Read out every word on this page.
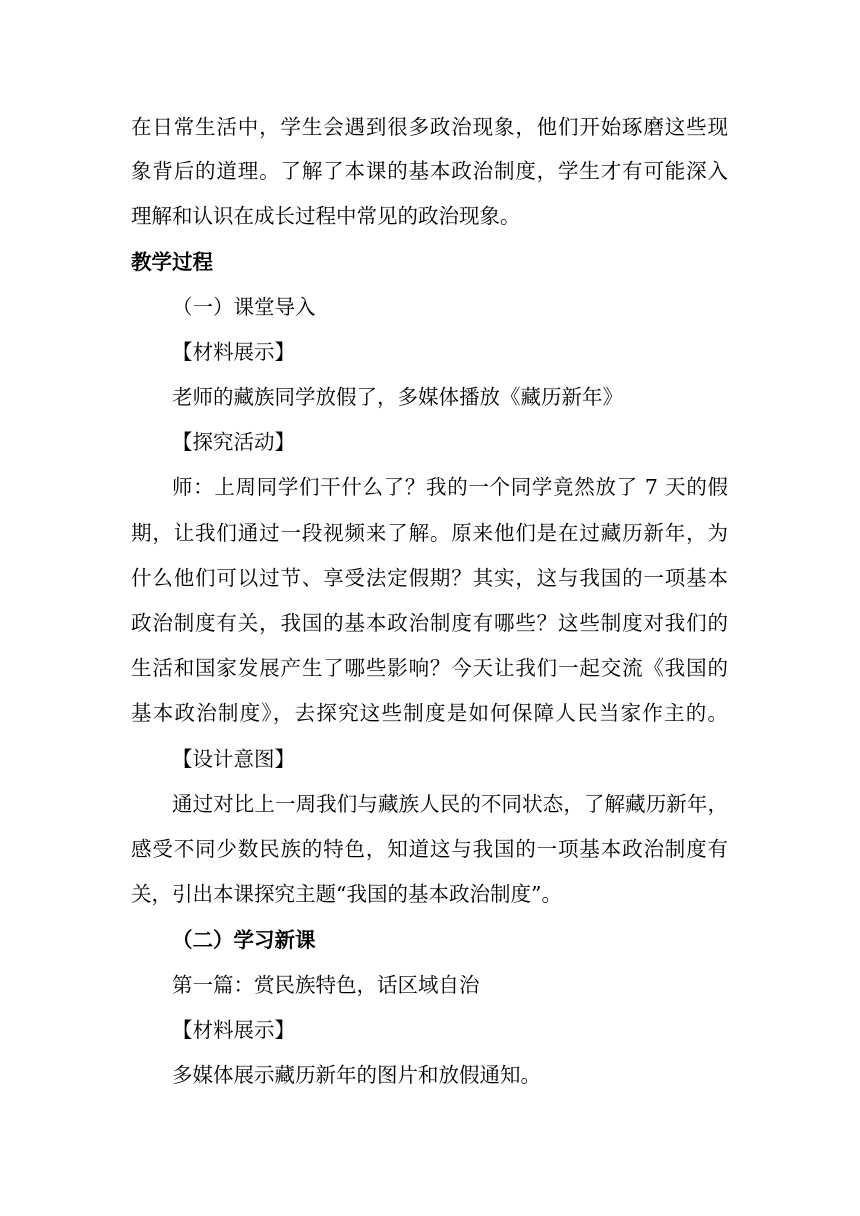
在日常生活中，学生会遇到很多政治现象，他们开始琢磨这些现
象背后的道理。了解了本课的基本政治制度，学生才有可能深入
理解和认识在成长过程中常见的政治现象。
教学过程
（一）课堂导入
【材料展示】
老师的藏族同学放假了，多媒体播放《藏历新年》
【探究活动】
师：上周同学们干什么了？我的一个同学竟然放了 7 天的假
期，让我们通过一段视频来了解。原来他们是在过藏历新年，为
什么他们可以过节、享受法定假期？其实，这与我国的一项基本
政治制度有关，我国的基本政治制度有哪些？这些制度对我们的
生活和国家发展产生了哪些影响？今天让我们一起交流《我国的
基本政治制度》，去探究这些制度是如何保障人民当家作主的。
【设计意图】
通过对比上一周我们与藏族人民的不同状态，了解藏历新年，
感受不同少数民族的特色，知道这与我国的一项基本政治制度有
关，引出本课探究主题“我国的基本政治制度”。
（二）学习新课
第一篇：赏民族特色，话区域自治
【材料展示】
多媒体展示藏历新年的图片和放假通知。
